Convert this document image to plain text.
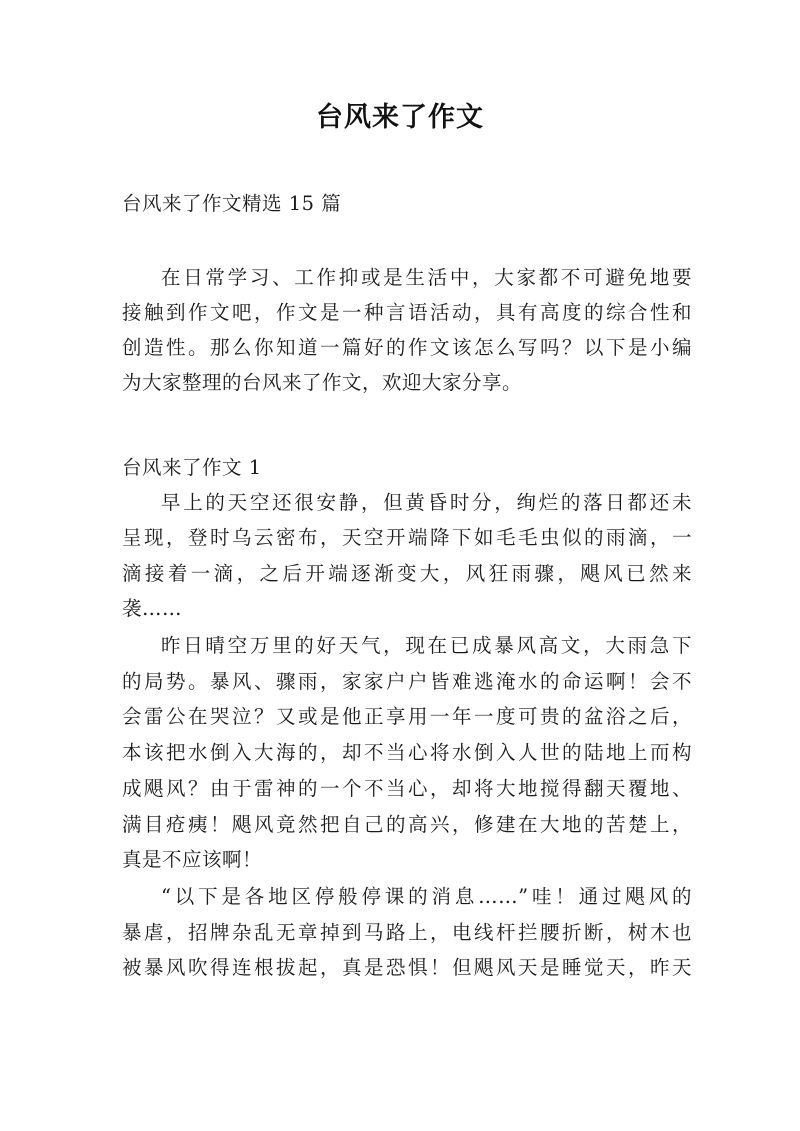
台风来了作文
台风来了作文精选 15 篇
在日常学习、工作抑或是生活中，大家都不可避免地要
接触到作文吧，作文是一种言语活动，具有高度的综合性和
创造性。那么你知道一篇好的作文该怎么写吗？以下是小编
为大家整理的台风来了作文，欢迎大家分享。
台风来了作文 1
早上的天空还很安静，但黄昏时分，绚烂的落日都还未
呈现，登时乌云密布，天空开端降下如毛毛虫似的雨滴，一
滴接着一滴，之后开端逐渐变大，风狂雨骤，飓风已然来
袭……
昨日晴空万里的好天气，现在已成暴风高文，大雨急下
的局势。暴风、骤雨，家家户户皆难逃淹水的命运啊！会不
会雷公在哭泣？又或是他正享用一年一度可贵的盆浴之后，
本该把水倒入大海的，却不当心将水倒入人世的陆地上而构
成飓风？由于雷神的一个不当心，却将大地搅得翻天覆地、
满目疮痍！飓风竟然把自己的高兴，修建在大地的苦楚上，
真是不应该啊！
“以下是各地区停般停课的消息……”哇！通过飓风的
暴虐，招牌杂乱无章掉到马路上，电线杆拦腰折断，树木也
被暴风吹得连根拔起，真是恐惧！但飓风天是睡觉天，昨天
